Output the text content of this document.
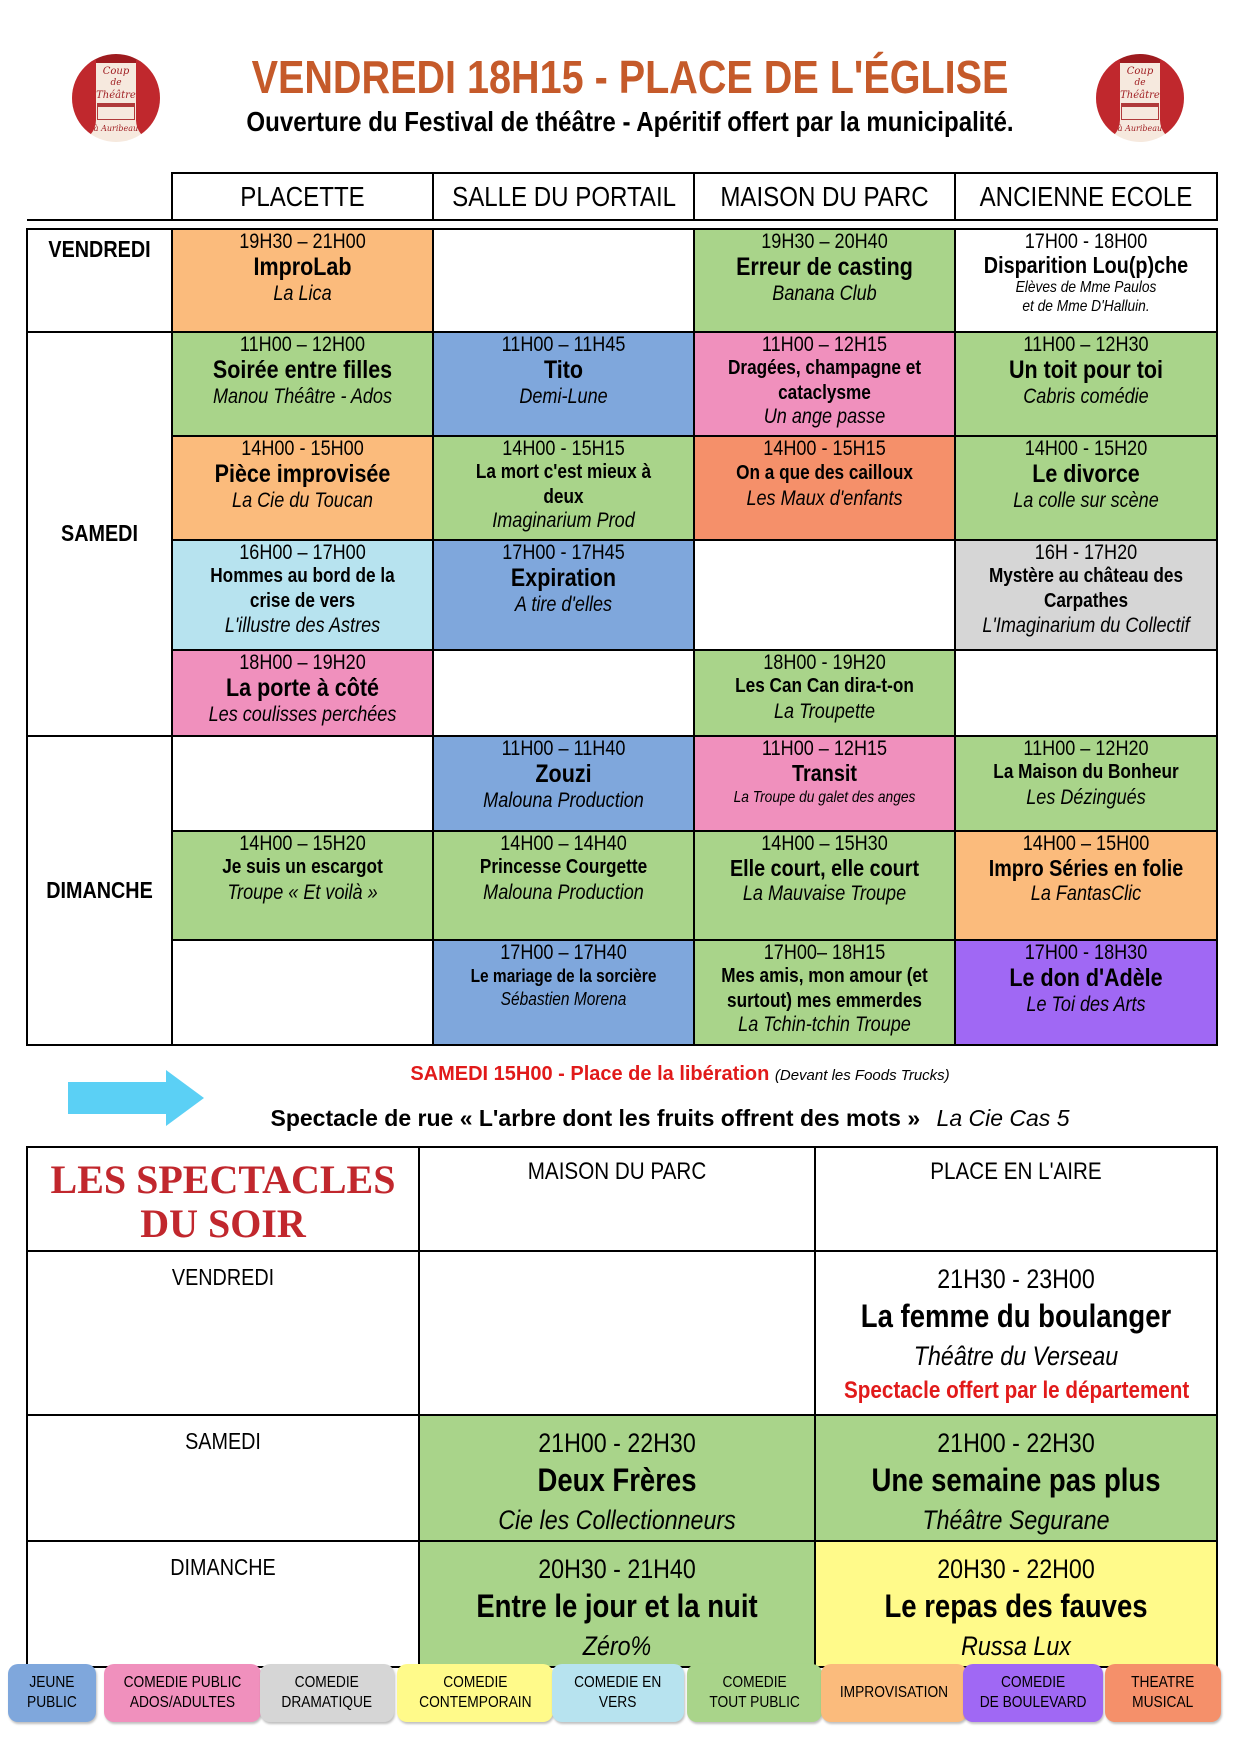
Coup
de
Théâtre
à Auribeau
Coup
de
Théâtre
à Auribeau
VENDREDI 18H15 - PLACE DE L'ÉGLISE
Ouverture du Festival de théâtre - Apéritif offert par la municipalité.

	PLACETTE	SALLE DU PORTAIL	MAISON DU PARC	ANCIENNE ECOLE

VENDREDI	19H30 – 21H00
ImproLab
La Lica		19H30 – 20H40
Erreur de casting
Banana Club	17H00 - 18H00
Disparition Lou(p)che
Elèves de Mme Paulos
et de Mme D'Halluin.

SAMEDI	11H00 – 12H00
Soirée entre filles
Manou Théâtre - Ados	11H00 – 11H45
Tito
Demi-Lune	11H00 – 12H15
Dragées, champagne et
cataclysme
Un ange passe	11H00 – 12H30
Un toit pour toi
Cabris comédie

	14H00 - 15H00
Pièce improvisée
La Cie du Toucan	14H00 - 15H15
La mort c'est mieux à
deux
Imaginarium Prod	14H00 - 15H15
On a que des cailloux
Les Maux d'enfants	14H00 - 15H20
Le divorce
La colle sur scène

	16H00 – 17H00
Hommes au bord de la
crise de vers
L'illustre des Astres	17H00 - 17H45
Expiration
A tire d'elles		16H - 17H20
Mystère au château des
Carpathes
L'Imaginarium du Collectif

	18H00 – 19H20
La porte à côté
Les coulisses perchées		18H00 - 19H20
Les Can Can dira-t-on
La Troupette	

DIMANCHE		11H00 – 11H40
Zouzi
Malouna Production	11H00 – 12H15
Transit
La Troupe du galet des anges	11H00 – 12H20
La Maison du Bonheur
Les Dézingués

	14H00 – 15H20
Je suis un escargot
Troupe « Et voilà »	14H00 – 14H40
Princesse Courgette
Malouna Production	14H00 – 15H30
Elle court, elle court
La Mauvaise Troupe	14H00 – 15H00
Impro Séries en folie
La FantasClic

		17H00 – 17H40
Le mariage de la sorcière
Sébastien Morena	17H00– 18H15
Mes amis, mon amour (et
surtout) mes emmerdes
La Tchin-tchin Troupe	17H00 - 18H30
Le don d'Adèle
Le Toi des Arts
SAMEDI 15H00 - Place de la libération (Devant les Foods Trucks)
Spectacle de rue « L'arbre dont les fruits offrent des mots » La Cie Cas 5
LES SPECTACLES
DU SOIR	MAISON DU PARC	PLACE EN L'AIRE

VENDREDI		21H30 - 23H00
La femme du boulanger
Théâtre du Verseau
Spectacle offert par le département

SAMEDI	21H00 - 22H30
Deux Frères
Cie les Collectionneurs	21H00 - 22H30
Une semaine pas plus
Théâtre Segurane

DIMANCHE	20H30 - 21H40
Entre le jour et la nuit
Zéro%	20H30 - 22H00
Le repas des fauves
Russa Lux
JEUNE
PUBLIC
COMEDIE PUBLIC
ADOS/ADULTES
COMEDIE
DRAMATIQUE
COMEDIE
CONTEMPORAIN
COMEDIE EN
VERS
COMEDIE
TOUT PUBLIC
IMPROVISATION
COMEDIE
DE BOULEVARD
THEATRE
MUSICAL
